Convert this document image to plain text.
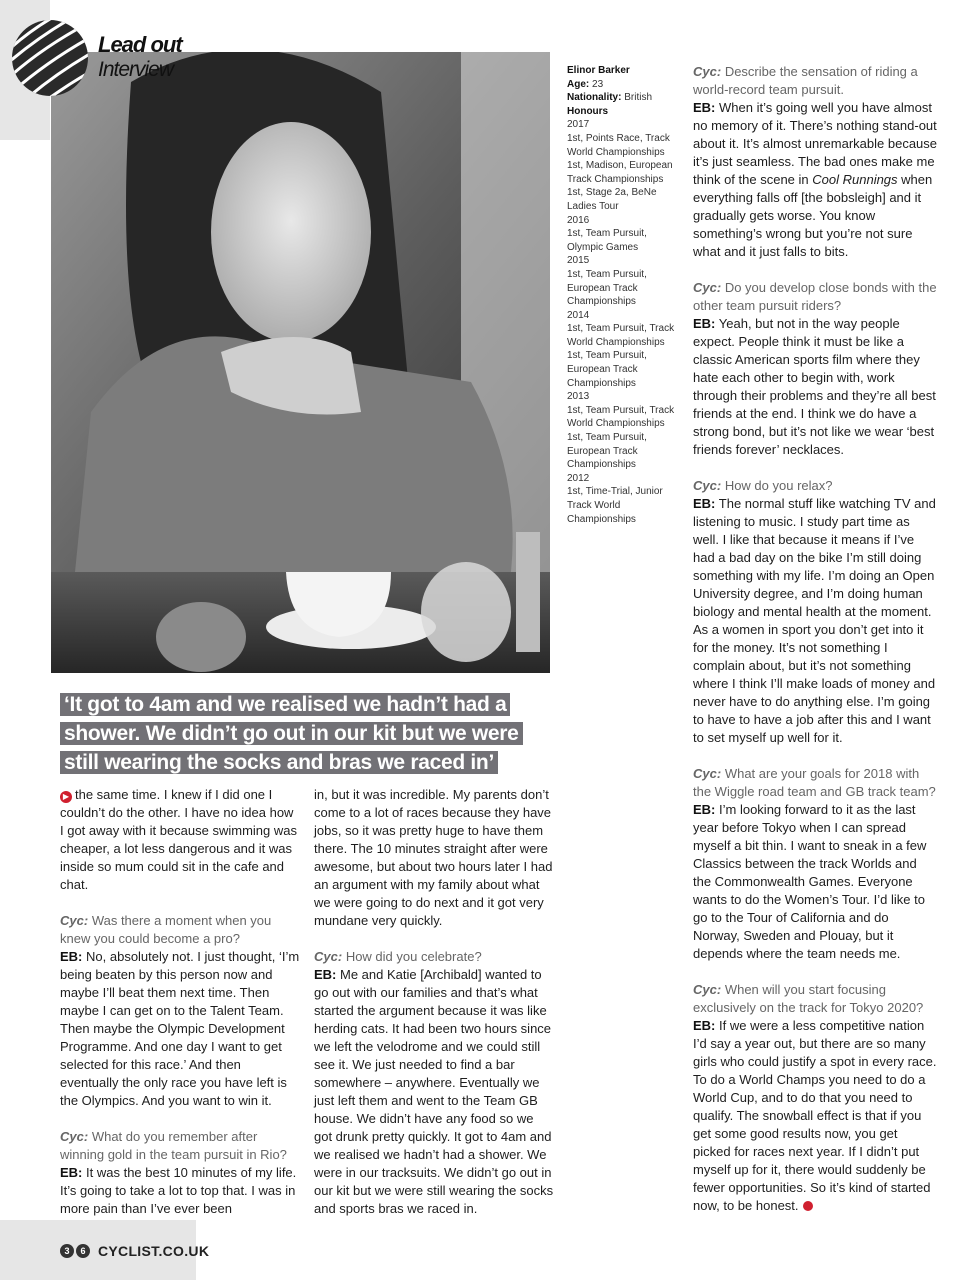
Lead out
Interview

‘It got to 4am and we realised we hadn’t had a shower. We didn’t go out in our kit but we were still wearing the socks and bras we raced in’

Elinor Barker
Age: 23
Nationality: British
Honours
2017
1st, Points Race, Track World Championships
1st, Madison, European Track Championships
1st, Stage 2a, BeNe Ladies Tour
2016
1st, Team Pursuit, Olympic Games
2015
1st, Team Pursuit, European Track Championships
2014
1st, Team Pursuit, Track World Championships
1st, Team Pursuit, European Track Championships
2013
1st, Team Pursuit, Track World Championships
1st, Team Pursuit, European Track Championships
2012
1st, Time-Trial, Junior Track World Championships

▶ the same time. I knew if I did one I couldn’t do the other. I have no idea how I got away with it because swimming was cheaper, a lot less dangerous and it was inside so mum could sit in the cafe and chat.

Cyc: Was there a moment when you knew you could become a pro?

EB: No, absolutely not. I just thought, ‘I’m being beaten by this person now and maybe I’ll beat them next time. Then maybe I can get on to the Talent Team. Then maybe the Olympic Development Programme. And one day I want to get selected for this race.’ And then eventually the only race you have left is the Olympics. And you want to win it.

Cyc: What do you remember after winning gold in the team pursuit in Rio?

EB: It was the best 10 minutes of my life. It’s going to take a lot to top that. I was in more pain than I’ve ever been

in, but it was incredible. My parents don’t come to a lot of races because they have jobs, so it was pretty huge to have them there. The 10 minutes straight after were awesome, but about two hours later I had an argument with my family about what we were going to do next and it got very mundane very quickly.

Cyc: How did you celebrate?

EB: Me and Katie [Archibald] wanted to go out with our families and that’s what started the argument because it was like herding cats. It had been two hours since we left the velodrome and we could still see it. We just needed to find a bar somewhere – anywhere. Eventually we just left them and went to the Team GB house. We didn’t have any food so we got drunk pretty quickly. It got to 4am and we realised we hadn’t had a shower. We were in our tracksuits. We didn’t go out in our kit but we were still wearing the socks and sports bras we raced in.

Cyc: Describe the sensation of riding a world-record team pursuit.

EB: When it’s going well you have almost no memory of it. There’s nothing stand-out about it. It’s almost unremarkable because it’s just seamless. The bad ones make me think of the scene in Cool Runnings when everything falls off [the bobsleigh] and it gradually gets worse. You know something’s wrong but you’re not sure what and it just falls to bits.

Cyc: Do you develop close bonds with the other team pursuit riders?

EB: Yeah, but not in the way people expect. People think it must be like a classic American sports film where they hate each other to begin with, work through their problems and they’re all best friends at the end. I think we do have a strong bond, but it’s not like we wear ‘best friends forever’ necklaces.

Cyc: How do you relax?

EB: The normal stuff like watching TV and listening to music. I study part time as well. I like that because it means if I’ve had a bad day on the bike I’m still doing something with my life. I’m doing an Open University degree, and I’m doing human biology and mental health at the moment. As a women in sport you don’t get into it for the money. It’s not something I complain about, but it’s not something where I think I’ll make loads of money and never have to do anything else. I’m going to have to have a job after this and I want to set myself up well for it.

Cyc: What are your goals for 2018 with the Wiggle road team and GB track team?

EB: I’m looking forward to it as the last year before Tokyo when I can spread myself a bit thin. I want to sneak in a few Classics between the track Worlds and the Commonwealth Games. Everyone wants to do the Women’s Tour. I’d like to go to the Tour of California and do Norway, Sweden and Plouay, but it depends where the team needs me.

Cyc: When will you start focusing exclusively on the track for Tokyo 2020?

EB: If we were a less competitive nation I’d say a year out, but there are so many girls who could justify a spot in every race. To do a World Champs you need to do a World Cup, and to do that you need to qualify. The snowball effect is that if you get some good results now, you get picked for races next year. If I didn’t put myself up for it, there would suddenly be fewer opportunities. So it’s kind of started now, to be honest.

3	6 CYCLIST.CO.UK
